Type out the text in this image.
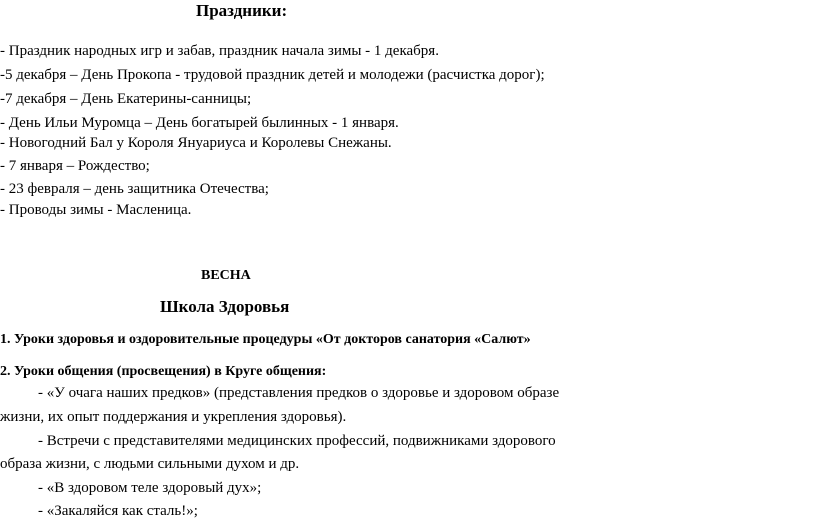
Праздники:
- Праздник народных игр и забав, праздник начала зимы - 1 декабря.
-5 декабря – День Прокопа - трудовой праздник детей и молодежи (расчистка дорог);
-7 декабря – День Екатерины-санницы;
- День Ильи Муромца – День богатырей былинных - 1 января.
- Новогодний Бал у Короля Януариуса и Королевы Снежаны.
- 7 января – Рождество;
- 23 февраля – день защитника Отечества;
- Проводы зимы - Масленица.
ВЕСНА
Школа Здоровья
1. Уроки здоровья и оздоровительные процедуры «От докторов санатория «Салют»
2. Уроки общения (просвещения) в Круге общения:
- «У очага наших предков» (представления предков о здоровье и здоровом образе
жизни, их опыт поддержания и укрепления здоровья).
- Встречи с представителями медицинских профессий, подвижниками здорового
образа жизни, с людьми сильными духом и др.
- «В здоровом теле здоровый дух»;
- «Закаляйся как сталь!»;
